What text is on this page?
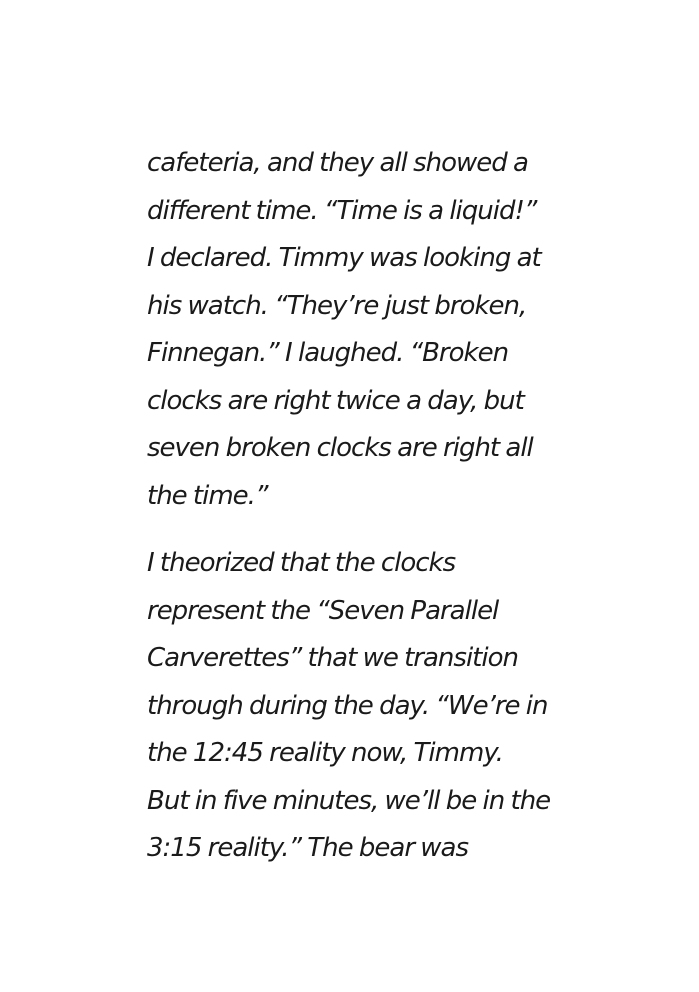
cafeteria, and they all showed a
different time. “Time is a liquid!”
I declared. Timmy was looking at
his watch. “They’re just broken,
Finnegan.” I laughed. “Broken
clocks are right twice a day, but
seven broken clocks are right all
the time.”

I theorized that the clocks
represent the “Seven Parallel
Carverettes” that we transition
through during the day. “We’re in
the 12:45 reality now, Timmy.
But in five minutes, we’ll be in the
3:15 reality.” The bear was
